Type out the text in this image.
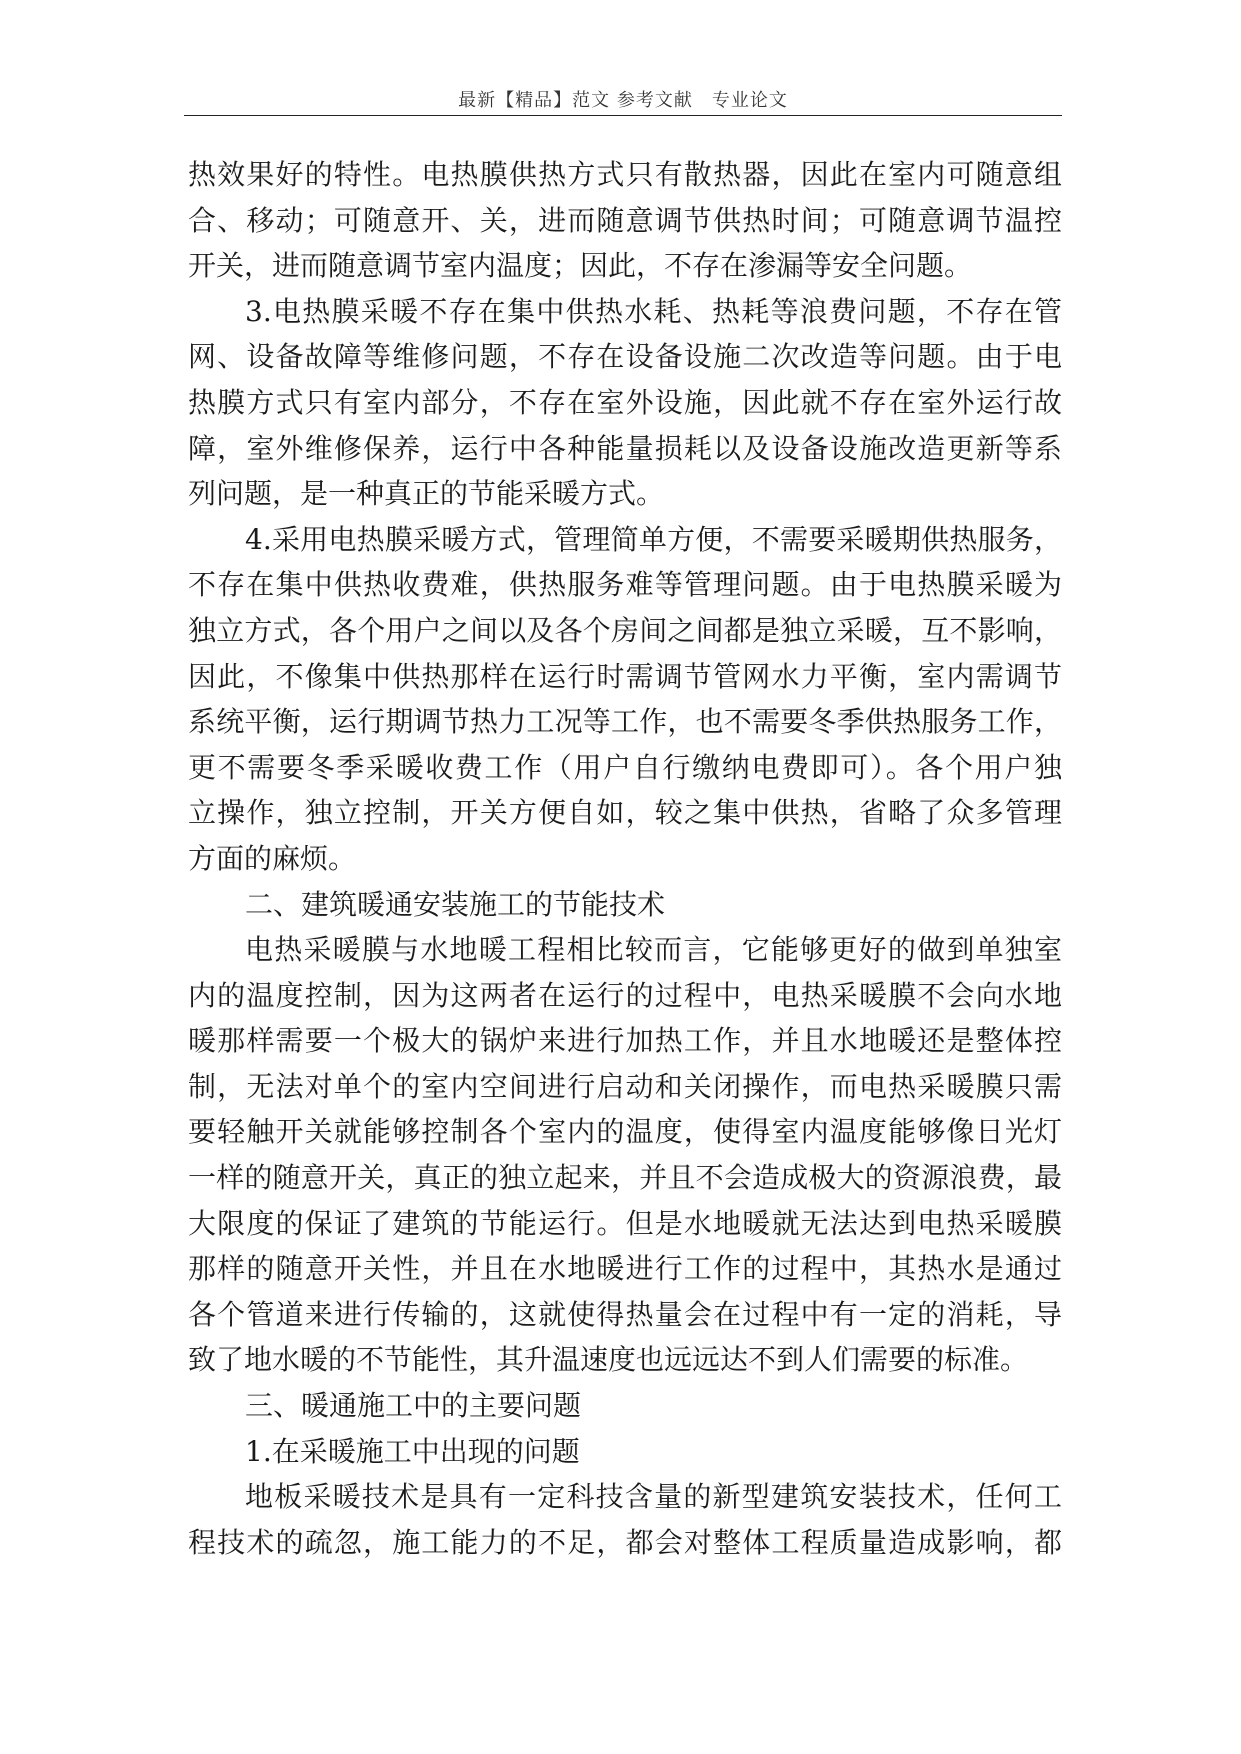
最新【精品】范文 参考文献　专业论文
热效果好的特性。电热膜供热方式只有散热器，因此在室内可随意组
合、移动；可随意开、关，进而随意调节供热时间；可随意调节温控
开关，进而随意调节室内温度；因此，不存在渗漏等安全问题。
3.电热膜采暖不存在集中供热水耗、热耗等浪费问题，不存在管
网、设备故障等维修问题，不存在设备设施二次改造等问题。由于电
热膜方式只有室内部分，不存在室外设施，因此就不存在室外运行故
障，室外维修保养，运行中各种能量损耗以及设备设施改造更新等系
列问题，是一种真正的节能采暖方式。
4.采用电热膜采暖方式，管理简单方便，不需要采暖期供热服务，
不存在集中供热收费难，供热服务难等管理问题。由于电热膜采暖为
独立方式，各个用户之间以及各个房间之间都是独立采暖，互不影响，
因此，不像集中供热那样在运行时需调节管网水力平衡，室内需调节
系统平衡，运行期调节热力工况等工作，也不需要冬季供热服务工作，
更不需要冬季采暖收费工作（用户自行缴纳电费即可）。各个用户独
立操作，独立控制，开关方便自如，较之集中供热，省略了众多管理
方面的麻烦。
二、建筑暖通安装施工的节能技术
电热采暖膜与水地暖工程相比较而言，它能够更好的做到单独室
内的温度控制，因为这两者在运行的过程中，电热采暖膜不会向水地
暖那样需要一个极大的锅炉来进行加热工作，并且水地暖还是整体控
制，无法对单个的室内空间进行启动和关闭操作，而电热采暖膜只需
要轻触开关就能够控制各个室内的温度，使得室内温度能够像日光灯
一样的随意开关，真正的独立起来，并且不会造成极大的资源浪费，最
大限度的保证了建筑的节能运行。但是水地暖就无法达到电热采暖膜
那样的随意开关性，并且在水地暖进行工作的过程中，其热水是通过
各个管道来进行传输的，这就使得热量会在过程中有一定的消耗，导
致了地水暖的不节能性，其升温速度也远远达不到人们需要的标准。
三、暖通施工中的主要问题
1.在采暖施工中出现的问题
地板采暖技术是具有一定科技含量的新型建筑安装技术，任何工
程技术的疏忽，施工能力的不足，都会对整体工程质量造成影响，都
